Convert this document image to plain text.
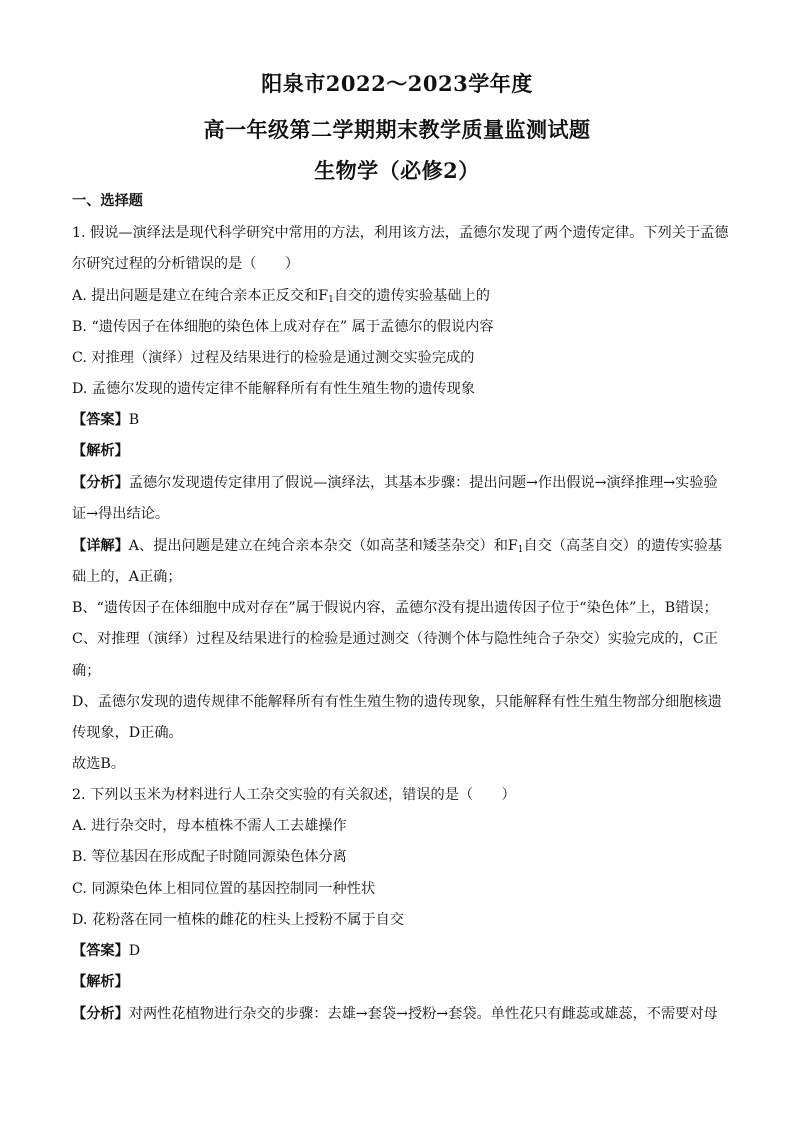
阳泉市2022～2023学年度
高一年级第二学期期末教学质量监测试题
生物学（必修2）
一、选择题
1. 假说—演绎法是现代科学研究中常用的方法，利用该方法，孟德尔发现了两个遗传定律。下列关于孟德
尔研究过程的分析错误的是（　　）
A. 提出问题是建立在纯合亲本正反交和$F_1$自交的遗传实验基础上的
B. “遗传因子在体细胞的染色体上成对存在” 属于孟德尔的假说内容
C. 对推理（演绎）过程及结果进行的检验是通过测交实验完成的
D. 孟德尔发现的遗传定律不能解释所有有性生殖生物的遗传现象
【答案】B
【解析】
【分析】孟德尔发现遗传定律用了假说—演绎法，其基本步骤：提出问题→作出假说→演绎推理→实验验
证→得出结论。
【详解】A、提出问题是建立在纯合亲本杂交（如高茎和矮茎杂交）和$F_1$自交（高茎自交）的遗传实验基
础上的，A正确；
B、“遗传因子在体细胞中成对存在”属于假说内容，孟德尔没有提出遗传因子位于“染色体”上，B错误；
C、对推理（演绎）过程及结果进行的检验是通过测交（待测个体与隐性纯合子杂交）实验完成的，C正
确；
D、孟德尔发现的遗传规律不能解释所有有性生殖生物的遗传现象，只能解释有性生殖生物部分细胞核遗
传现象，D正确。
故选B。
2. 下列以玉米为材料进行人工杂交实验的有关叙述，错误的是（　　）
A. 进行杂交时，母本植株不需人工去雄操作
B. 等位基因在形成配子时随同源染色体分离
C. 同源染色体上相同位置的基因控制同一种性状
D. 花粉落在同一植株的雌花的柱头上授粉不属于自交
【答案】D
【解析】
【分析】对两性花植物进行杂交的步骤：去雄→套袋→授粉→套袋。单性花只有雌蕊或雄蕊，不需要对母
